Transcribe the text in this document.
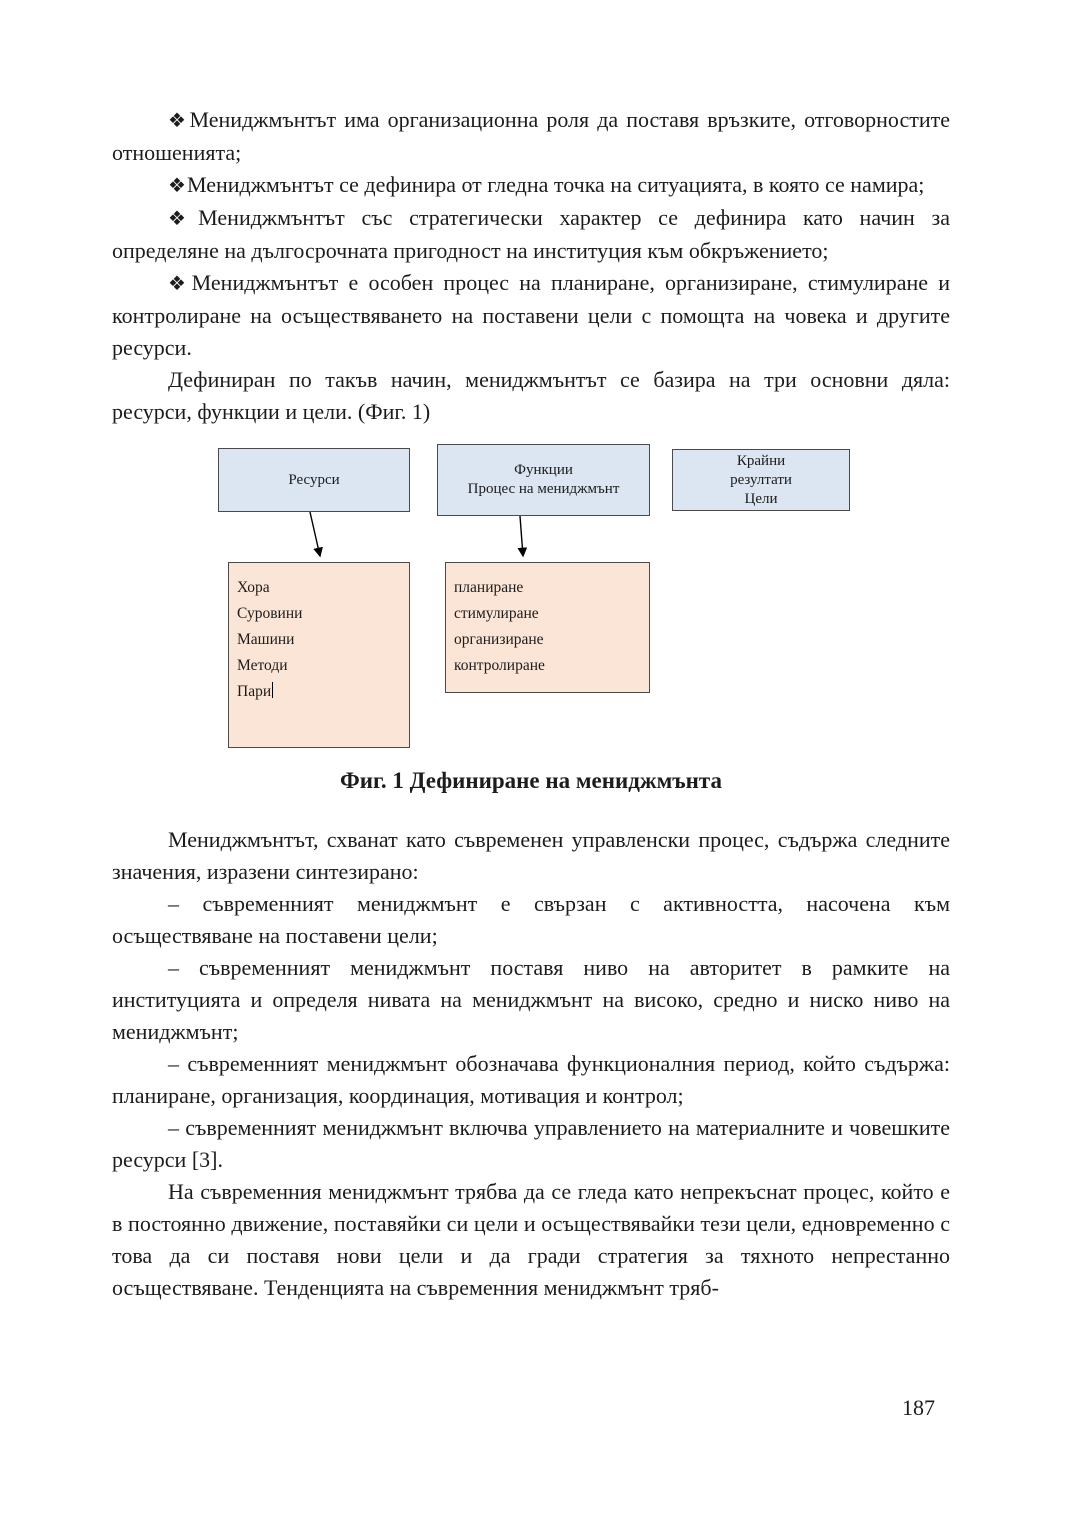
❖Мениджмънтът има организационна роля да поставя връзките, отговорностите отношенията;

❖Мениджмънтът се дефинира от гледна точка на ситуацията, в която се намира;

❖Мениджмънтът със стратегически характер се дефинира като начин за определяне на дългосрочната пригодност на институция към обкръжението;

❖Мениджмънтът е особен процес на планиране, организиране, стимулиране и контролиране на осъществяването на поставени цели с помощта на човека и другите ресурси.

Дефиниран по такъв начин, мениджмънтът се базира на три основни дяла: ресурси, функции и цели. (Фиг. 1)

Ресурси
Функции
Процес на мениджмънт
Крайни
резултати
Цели
Хора
Суровини
Машини
Методи
Пари
планиране
стимулиране
организиране
контролиране

Фиг. 1 Дефиниране на мениджмънта

Мениджмънтът, схванат като съвременен управленски процес, съдържа следните значения, изразени синтезирано:

– съвременният мениджмънт е свързан с активността, насочена към осъществяване на поставени цели;

– съвременният мениджмънт поставя ниво на авторитет в рамките на институцията и определя нивата на мениджмънт на високо, средно и ниско ниво на мениджмънт;

– съвременният мениджмънт обозначава функционалния период, който съдържа: планиране, организация, координация, мотивация и контрол;

– съвременният мениджмънт включва управлението на материалните и човешките ресурси [3].

На съвременния мениджмънт трябва да се гледа като непрекъснат процес, който е в постоянно движение, поставяйки си цели и осъществявайки тези цели, едновременно с това да си поставя нови цели и да гради стратегия за тяхното непрестанно осъществяване. Тенденцията на съвременния мениджмънт тряб-

187
